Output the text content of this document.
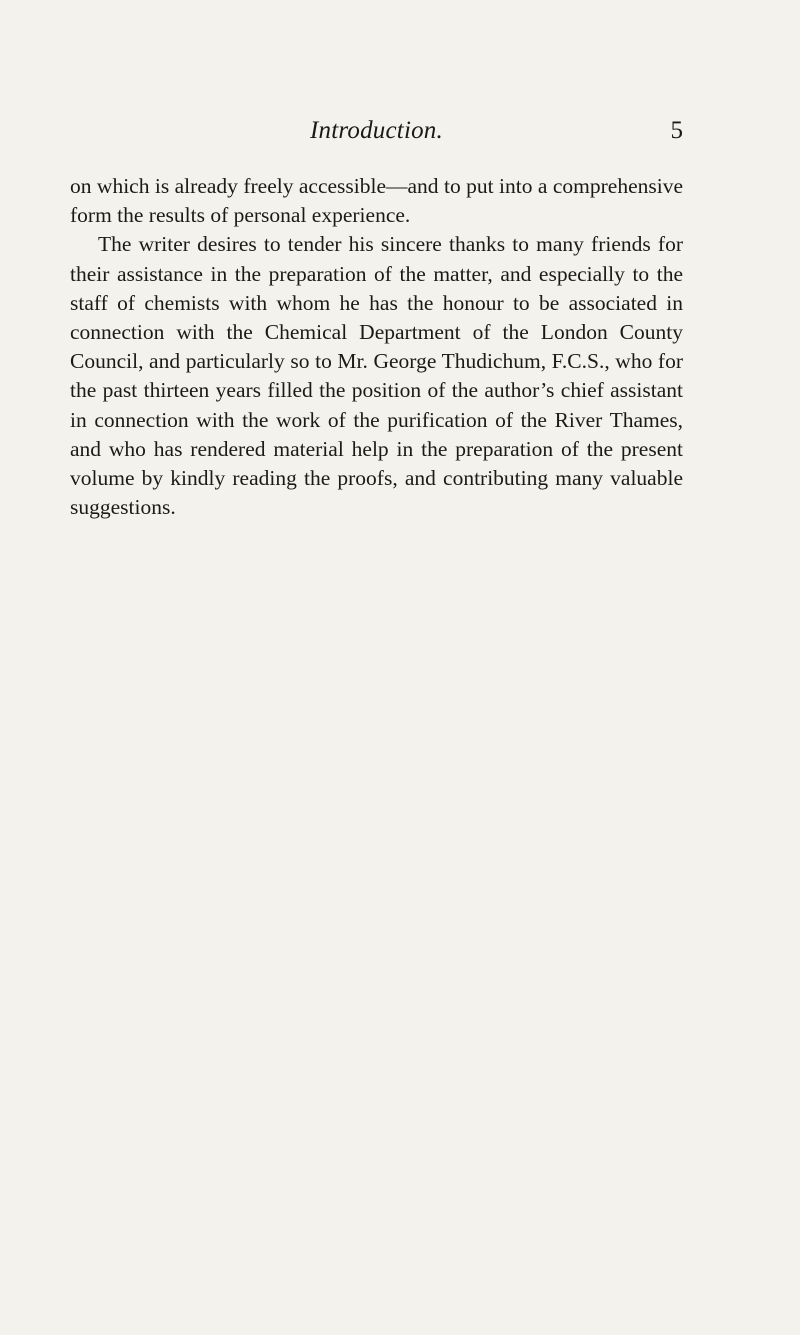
Introduction.	5

on which is already freely accessible—and to put into a comprehensive form the results of personal experience.

The writer desires to tender his sincere thanks to many friends for their assistance in the preparation of the matter, and especially to the staff of chemists with whom he has the honour to be associated in connection with the Chemical Department of the London County Council, and particularly so to Mr. George Thudichum, F.C.S., who for the past thirteen years filled the position of the author’s chief assistant in connection with the work of the purification of the River Thames, and who has rendered material help in the preparation of the present volume by kindly reading the proofs, and contributing many valuable suggestions.
